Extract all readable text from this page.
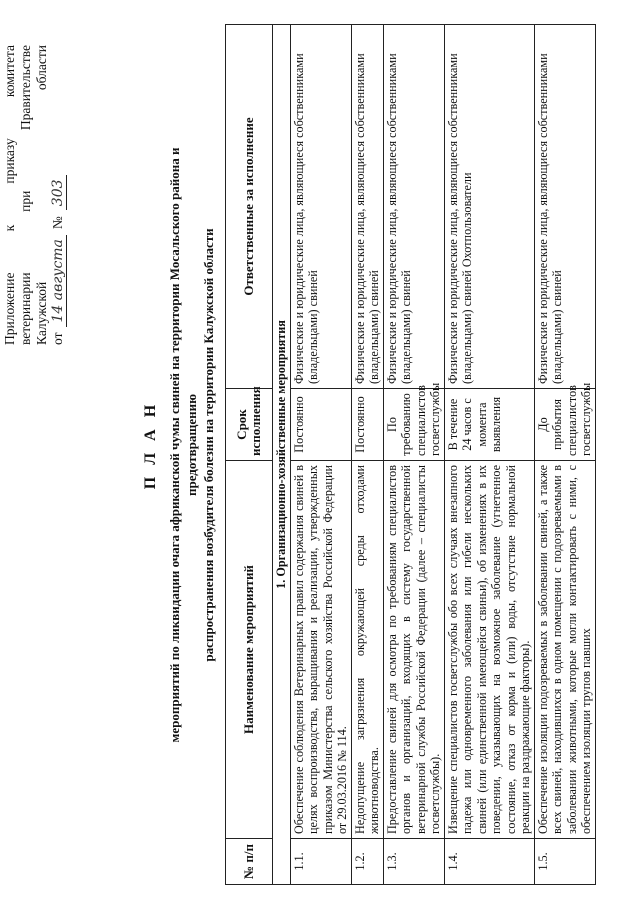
Приложение
к
приказу
комитета
ветеринарии
при
Правительстве
Калужской
области
от
14 августа
№
303
П Л А Н мероприятий по ликвидации очага африканской чумы свиней на территории Мосальского района и предотвращению распространения возбудителя болезни на территории Калужской области
№ п/п	Наименование мероприятий	Срок исполнения	Ответственные за исполнение
1. Организационно-хозяйственные мероприятия			
1.1.	Обеспечение соблюдения Ветеринарных правил содержания свиней в целях воспроизводства, выращивания и реализации, утвержденных приказом Министерства сельского хозяйства Российской Федерации от 29.03.2016 № 114.	Постоянно	Физические и юридические лица, являющиеся собственниками (владельцами) свиней
1.2.	Недопущение загрязнения окружающей среды отходами животноводства.	Постоянно	Физические и юридические лица, являющиеся собственниками (владельцами) свиней
1.3.	Предоставление свиней для осмотра по требованиям специалистов органов и организаций, входящих в систему государственной ветеринарной службы Российской Федерации (далее – специалисты госветслужбы).	По требованию специалистов госветслужбы	Физические и юридические лица, являющиеся собственниками (владельцами) свиней
1.4.	Извещение специалистов госветслужбы обо всех случаях внезапного падежа или одновременного заболевания или гибели нескольких свиней (или единственной имеющейся свиньи), об изменениях в их поведении, указывающих на возможное заболевание (угнетенное состояние, отказ от корма и (или) воды, отсутствие нормальной реакции на раздражающие факторы).	В течение 24 часов с момента выявления	Физические и юридические лица, являющиеся собственниками (владельцами) свиней Охотпользователи
1.5.	Обеспечение изоляции подозреваемых в заболевании свиней, а также всех свиней, находившихся в одном помещении с подозреваемыми в заболевании животными, которые могли контактировать с ними, с обеспечением изоляции трупов павших	До прибытия специалистов госветслужбы	Физические и юридические лица, являющиеся собственниками (владельцами) свиней
